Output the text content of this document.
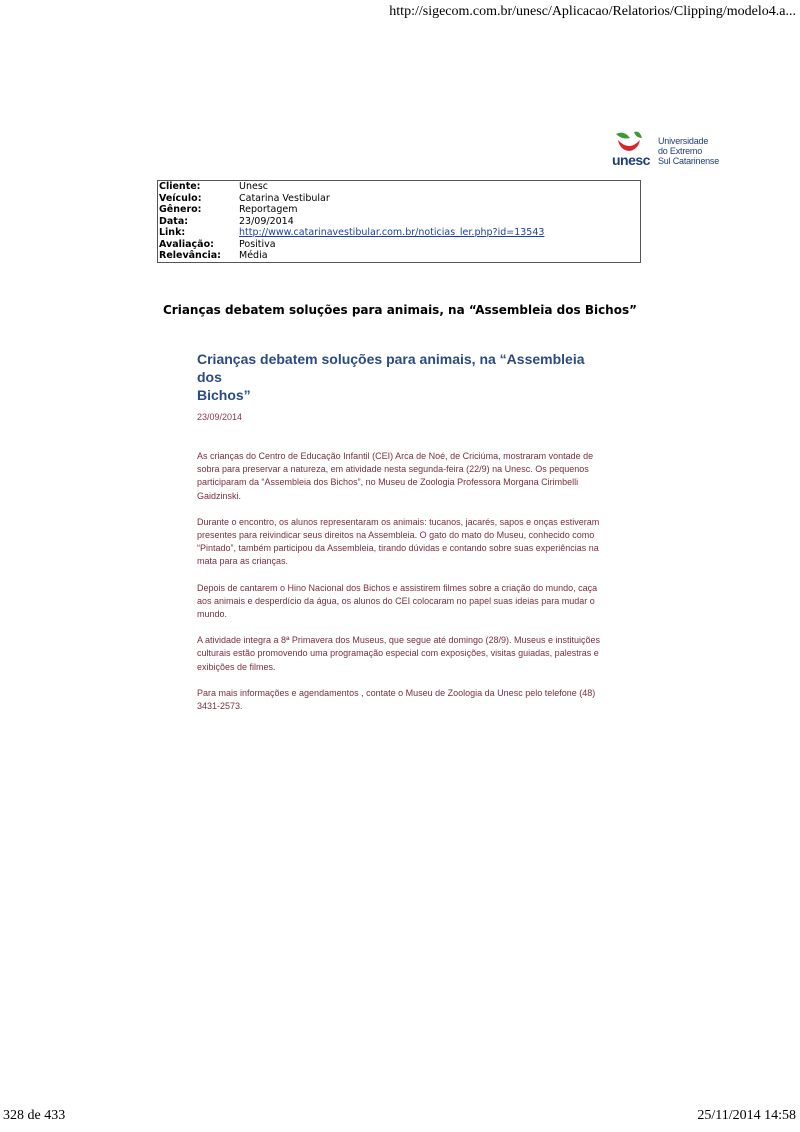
http://sigecom.com.br/unesc/Aplicacao/Relatorios/Clipping/modelo4.a...
unesc
Universidade
do Extremo
Sul Catarinense
Cliente:	Unesc
Veículo:	Catarina Vestibular
Gênero:	Reportagem
Data:	23/09/2014
Link:	http://www.catarinavestibular.com.br/noticias_ler.php?id=13543
Avaliação:	Positiva
Relevância:	Média
Crianças debatem soluções para animais, na “Assembleia dos Bichos”
Crianças debatem soluções para animais, na “Assembleia dos
Bichos”
23/09/2014

As crianças do Centro de Educação Infantil (CEI) Arca de Noé, de Criciúma, mostraram vontade de sobra para preservar a natureza, em atividade nesta segunda-feira (22/9) na Unesc. Os pequenos participaram da “Assembleia dos Bichos”, no Museu de Zoologia Professora Morgana Cirimbelli Gaidzinski.

Durante o encontro, os alunos representaram os animais: tucanos, jacarés, sapos e onças estiveram presentes para reivindicar seus direitos na Assembleia. O gato do mato do Museu, conhecido como “Pintado”, também participou da Assembleia, tirando dúvidas e contando sobre suas experiências na mata para as crianças.

Depois de cantarem o Hino Nacional dos Bichos e assistirem filmes sobre a criação do mundo, caça aos animais e desperdício da água, os alunos do CEI colocaram no papel suas ideias para mudar o mundo.

A atividade integra a 8ª Primavera dos Museus, que segue até domingo (28/9). Museus e instituições culturais estão promovendo uma programação especial com exposições, visitas guiadas, palestras e exibições de filmes.

Para mais informações e agendamentos , contate o Museu de Zoologia da Unesc pelo telefone (48) 3431-2573.

328 de 433	25/11/2014 14:58
